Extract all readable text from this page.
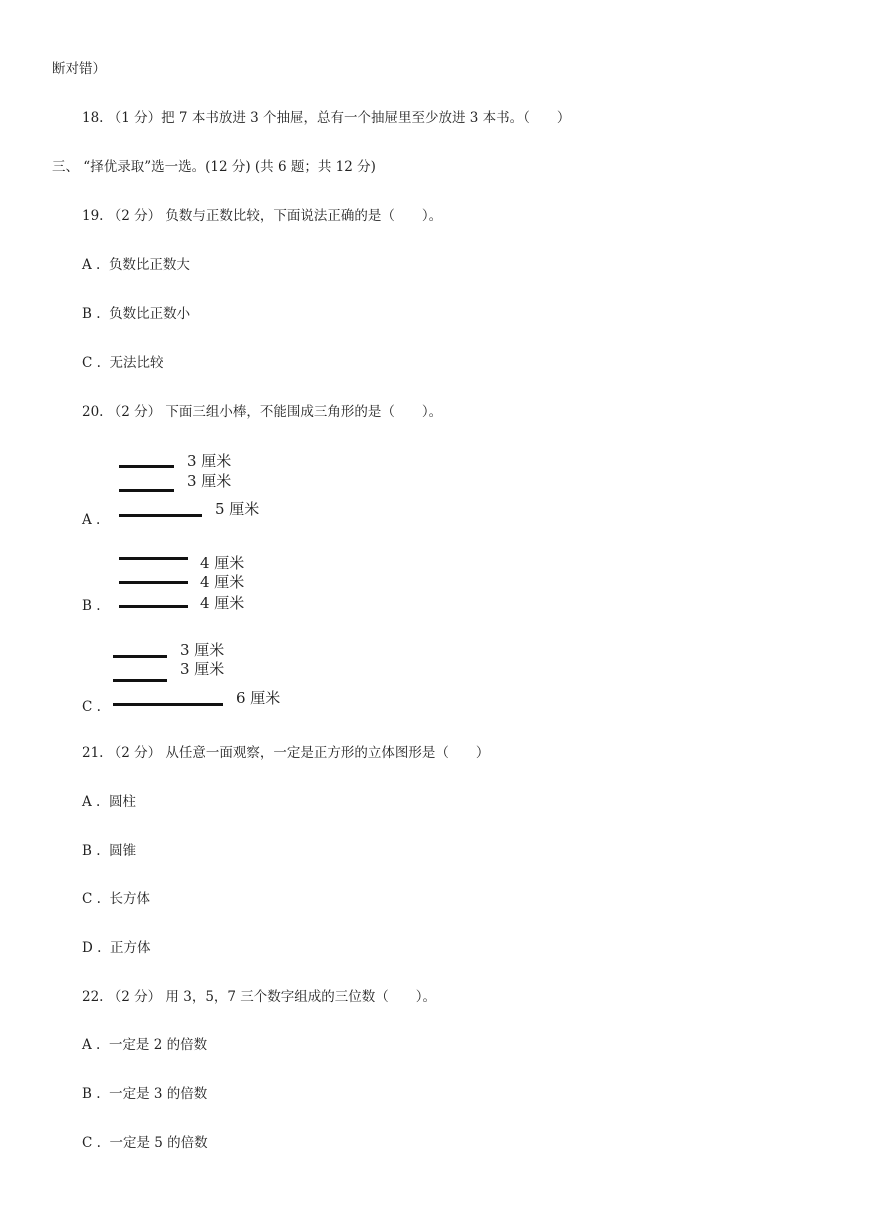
断对错）
18. （1 分）把 7 本书放进 3 个抽屉，总有一个抽屉里至少放进 3 本书。（　　）
三、 “择优录取”选一选。(12 分) (共 6 题；共 12 分)
19. （2 分） 负数与正数比较，下面说法正确的是（　　）。
A . 负数比正数大
B . 负数比正数小
C . 无法比较
20. （2 分） 下面三组小棒，不能围成三角形的是（　　）。
A .
3 厘米
3 厘米
5 厘米
B .
4 厘米
4 厘米
4 厘米
C .
3 厘米
3 厘米
6 厘米
21. （2 分） 从任意一面观察，一定是正方形的立体图形是（　　）
A . 圆柱
B . 圆锥
C . 长方体
D . 正方体
22. （2 分） 用 3，5，7 三个数字组成的三位数（　　）。
A . 一定是 2 的倍数
B . 一定是 3 的倍数
C . 一定是 5 的倍数
